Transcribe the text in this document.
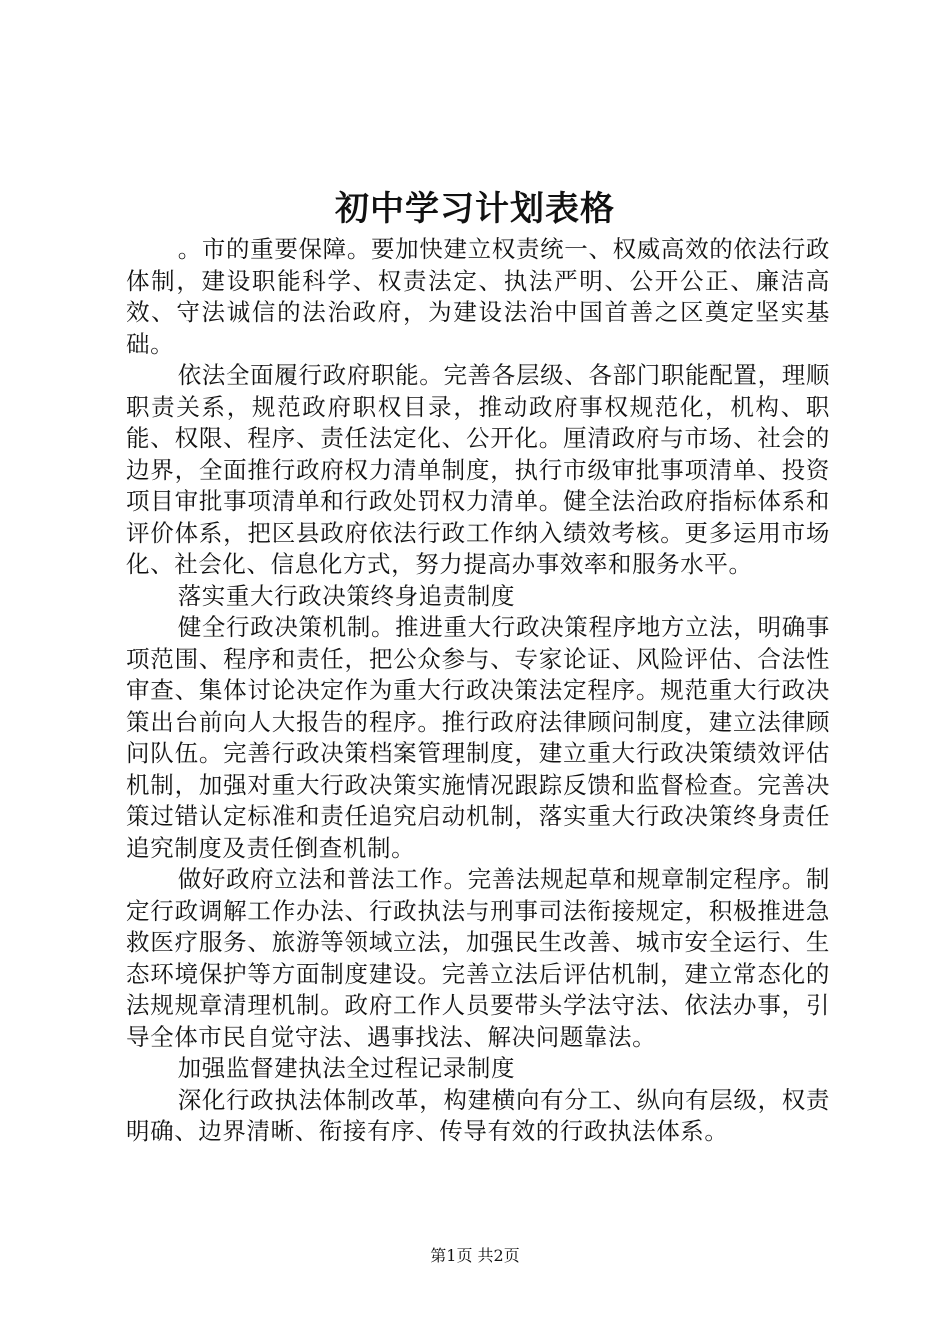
初中学习计划表格

。市的重要保障。要加快建立权责统一、权威高效的依法行政体制，建设职能科学、权责法定、执法严明、公开公正、廉洁高效、守法诚信的法治政府，为建设法治中国首善之区奠定坚实基础。

依法全面履行政府职能。完善各层级、各部门职能配置，理顺职责关系，规范政府职权目录，推动政府事权规范化，机构、职能、权限、程序、责任法定化、公开化。厘清政府与市场、社会的边界，全面推行政府权力清单制度，执行市级审批事项清单、投资项目审批事项清单和行政处罚权力清单。健全法治政府指标体系和评价体系，把区县政府依法行政工作纳入绩效考核。更多运用市场化、社会化、信息化方式，努力提高办事效率和服务水平。

落实重大行政决策终身追责制度

健全行政决策机制。推进重大行政决策程序地方立法，明确事项范围、程序和责任，把公众参与、专家论证、风险评估、合法性审查、集体讨论决定作为重大行政决策法定程序。规范重大行政决策出台前向人大报告的程序。推行政府法律顾问制度，建立法律顾问队伍。完善行政决策档案管理制度，建立重大行政决策绩效评估机制，加强对重大行政决策实施情况跟踪反馈和监督检查。完善决策过错认定标准和责任追究启动机制，落实重大行政决策终身责任追究制度及责任倒查机制。

做好政府立法和普法工作。完善法规起草和规章制定程序。制定行政调解工作办法、行政执法与刑事司法衔接规定，积极推进急救医疗服务、旅游等领域立法，加强民生改善、城市安全运行、生态环境保护等方面制度建设。完善立法后评估机制，建立常态化的法规规章清理机制。政府工作人员要带头学法守法、依法办事，引导全体市民自觉守法、遇事找法、解决问题靠法。

加强监督建执法全过程记录制度

深化行政执法体制改革，构建横向有分工、纵向有层级，权责明确、边界清晰、衔接有序、传导有效的行政执法体系。

第1页 共2页
